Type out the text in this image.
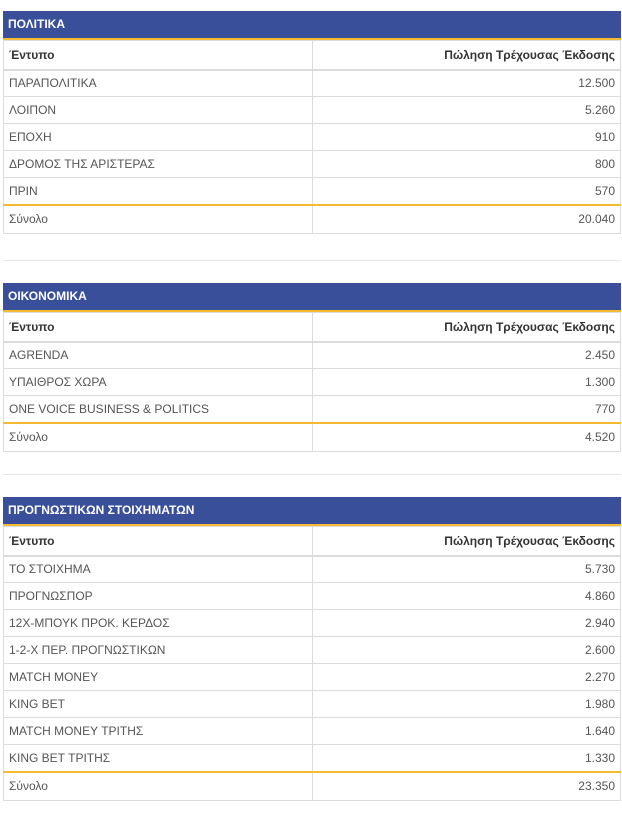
ΠΟΛΙΤΙΚΑ
Έντυπο	Πώληση Τρέχουσας Έκδοσης
ΠΑΡΑΠΟΛΙΤΙΚΑ	12.500
ΛΟΙΠΟΝ	5.260
ΕΠΟΧΗ	910
ΔΡΟΜΟΣ ΤΗΣ ΑΡΙΣΤΕΡΑΣ	800
ΠΡΙΝ	570
Σύνολο	20.040
ΟΙΚΟΝΟΜΙΚΑ
Έντυπο	Πώληση Τρέχουσας Έκδοσης
AGRENDA	2.450
ΥΠΑΙΘΡΟΣ ΧΩΡΑ	1.300
ONE VOICE BUSINESS & POLITICS	770
Σύνολο	4.520
ΠΡΟΓΝΩΣΤΙΚΩΝ ΣΤΟΙΧΗΜΑΤΩΝ
Έντυπο	Πώληση Τρέχουσας Έκδοσης
ΤΟ ΣΤΟΙΧΗΜΑ	5.730
ΠΡΟΓΝΩΣΠΟΡ	4.860
12Χ-ΜΠΟΥΚ ΠΡΟΚ. ΚΕΡΔΟΣ	2.940
1-2-Χ ΠΕΡ. ΠΡΟΓΝΩΣΤΙΚΩΝ	2.600
MATCH MONEY	2.270
KING BET	1.980
MATCH MONEY ΤΡΙΤΗΣ	1.640
KING BET ΤΡΙΤΗΣ	1.330
Σύνολο	23.350
